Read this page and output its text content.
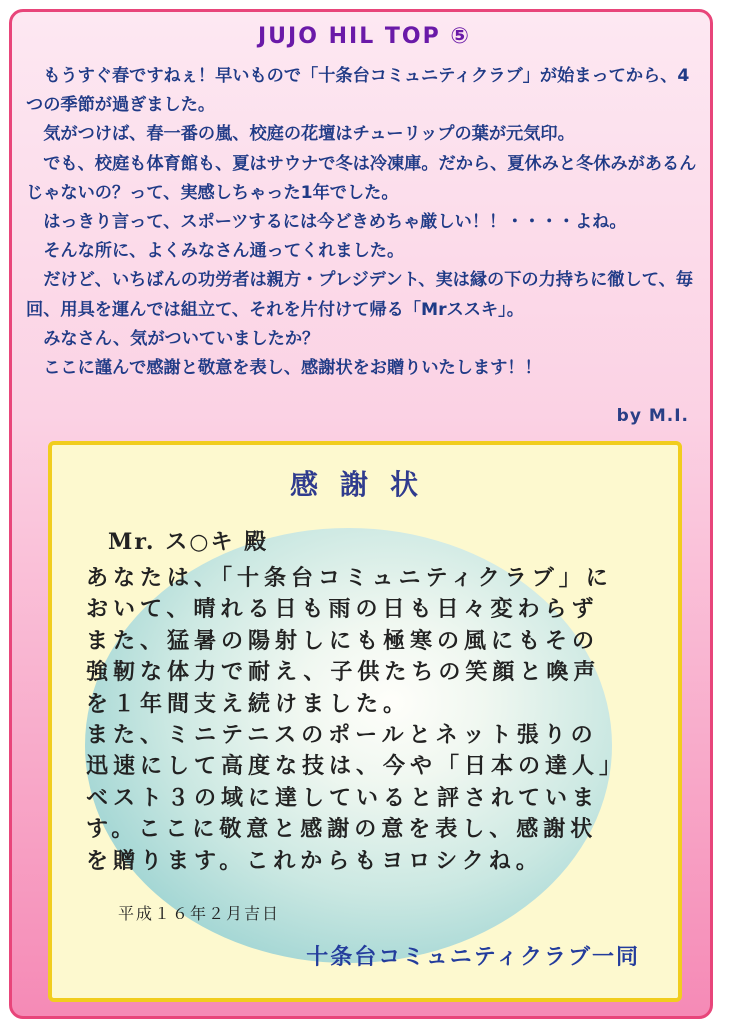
JUJO HIL TOP ⑤

もうすぐ春ですねぇ！早いもので「十条台コミュニティクラブ」が始まってから、4つの季節が過ぎました。

気がつけば、春一番の嵐、校庭の花壇はチューリップの葉が元気印。

でも、校庭も体育館も、夏はサウナで冬は冷凍庫。だから、夏休みと冬休みがあるんじゃないの？って、実感しちゃった1年でした。

はっきり言って、スポーツするには今どきめちゃ厳しい！！・・・・よね。

そんな所に、よくみなさん通ってくれました。

だけど、いちばんの功労者は親方・プレジデント、実は縁の下の力持ちに徹して、毎回、用具を運んでは組立て、それを片付けて帰る「Mrススキ」。

みなさん、気がついていましたか？

ここに謹んで感謝と敬意を表し、感謝状をお贈りいたします！！

by M.I.
感謝状
Mr. ス○キ 殿
あなたは、「十条台コミュニティクラブ」に
おいて、晴れる日も雨の日も日々変わらず
また、猛暑の陽射しにも極寒の風にもその
強靭な体力で耐え、子供たちの笑顔と喚声
を１年間支え続けました。
また、ミニテニスのポールとネット張りの
迅速にして高度な技は、今や「日本の達人」
ベスト３の域に達していると評されていま
す。ここに敬意と感謝の意を表し、感謝状
を贈ります。これからもヨロシクね。
平成１６年２月吉日
十条台コミュニティクラブ一同
